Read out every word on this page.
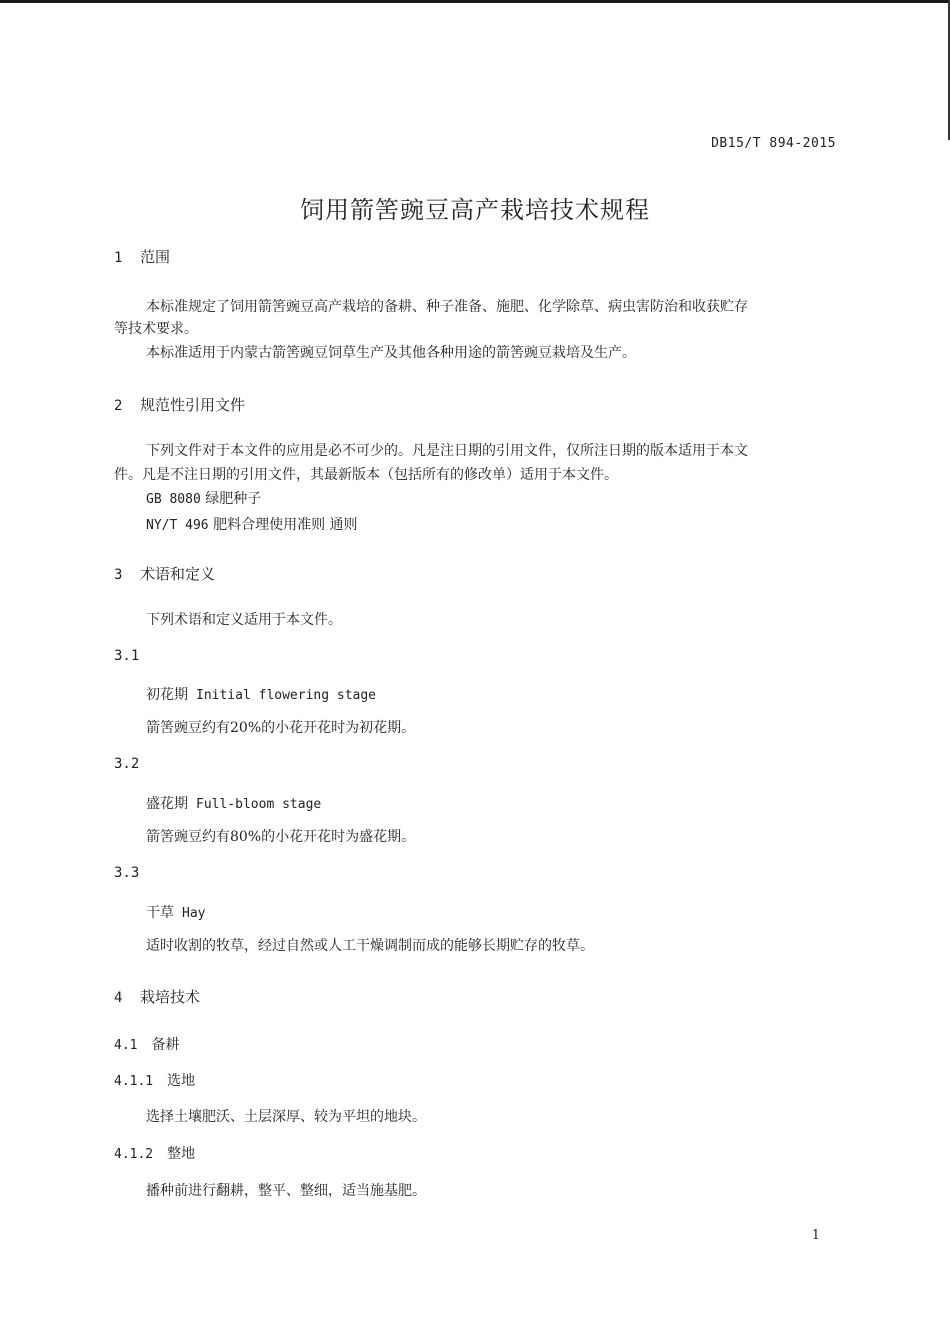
DB15/T 894-2015
饲用箭筈豌豆高产栽培技术规程
1 范围
本标准规定了饲用箭筈豌豆高产栽培的备耕、种子准备、施肥、化学除草、病虫害防治和收获贮存
等技术要求。
本标准适用于内蒙古箭筈豌豆饲草生产及其他各种用途的箭筈豌豆栽培及生产。
2 规范性引用文件
下列文件对于本文件的应用是必不可少的。凡是注日期的引用文件，仅所注日期的版本适用于本文
件。凡是不注日期的引用文件，其最新版本（包括所有的修改单）适用于本文件。
GB 8080 绿肥种子
NY/T 496 肥料合理使用准则 通则
3 术语和定义
下列术语和定义适用于本文件。
3.1
初花期 Initial flowering stage
箭筈豌豆约有20%的小花开花时为初花期。
3.2
盛花期 Full-bloom stage
箭筈豌豆约有80%的小花开花时为盛花期。
3.3
干草 Hay
适时收割的牧草，经过自然或人工干燥调制而成的能够长期贮存的牧草。
4 栽培技术
4.1 备耕
4.1.1 选地
选择土壤肥沃、土层深厚、较为平坦的地块。
4.1.2 整地
播种前进行翻耕，整平、整细，适当施基肥。
1
